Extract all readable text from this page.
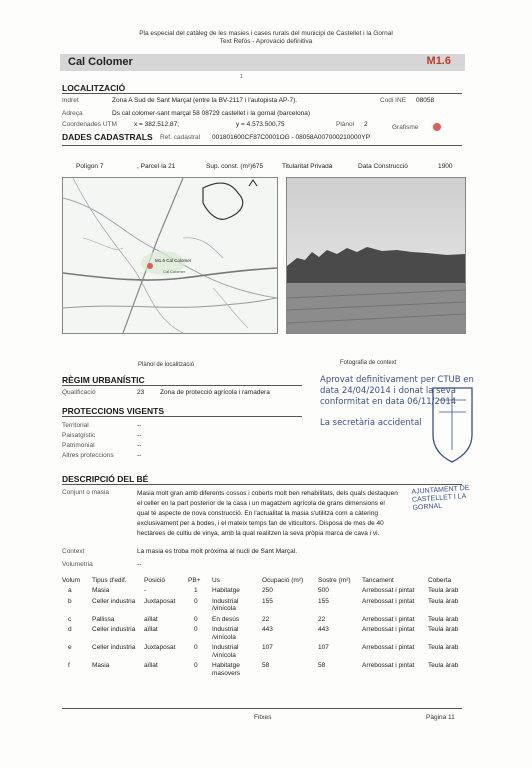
Pla especial del catàleg de les masies i cases rurals del municipi de Castellet i la Gornal
Text Refós - Aprovació definitiva
Cal Colomer	M1.6
1
LOCALITZACIÓ
Indret	Zona A Sud de Sant Marçal (entre la BV-2117 i l'autopista AP-7).	Codi INE 08058
Adreça	Ds cal colomer-sant marçal 58 08729 castellet i la gornal (barcelona)
Coordenades UTM	x = 382.512,87;	y = 4.573.500,75	Plànol 2	Grafisme
DADES CADASTRALS Ref. cadastral 001801600CF87C0001OG - 08058A007000210000YP
Polígon 7	, Parcel·la 21	Sup. const. (m²)675	Titularitat Privada	Data Construcció	1900
M1.6 Cal Colomer
Cal Colomer
Plànol de localització	Fotografia de context
RÈGIM URBANÍSTIC
Qualificació	23 Zona de protecció agrícola i ramadera
Aprovat definitivament per CTUB en
data 24/04/2014 i donat la seva
conformitat en data 06/11/2014
La secretària accidental
AJUNTAMENT DE CASTELLET I LA GORNAL
PROTECCIONS VIGENTS
Territorial	--
Paisatgístic	--
Patrimonial	--
Altres proteccions	--
DESCRIPCIÓ DEL BÉ
Conjunt o masia	Masia molt gran amb diferents cossos i coberts molt ben rehabilitats, dels quals destaquen
el celler en la part posterior de la casa i un magatzem agrícola de grans dimensions el
qual té aspecte de nova construcció. En l'actualitat la masia s'utilitza com a càtering
exclusivament per a bodes, i el mateix temps fan de viticultors. Disposa de mes de 40
hectàrees de cultiu de vinya, amb la qual realitzen la seva pròpia marca de cava i vi.
Context	La masia es troba molt pròxima al nucli de Sant Marçal.
Volumetria	--
Volum	Tipus d'edif.	Posició	PB+	Us	Ocupació (m²)	Sostre (m²)	Tancament	Coberta
a	Masia	-	1	Habitatge	250	500	Arrebossat i pintat	Teula àrab
b	Celler industria	Juxtaposat	0	Industrial /vinícola	155	155	Arrebossat i pintat	Teula àrab
c	Pallissa	aïllat	0	En desús	22	22	Arrebossat i pintat	Teula àrab
d	Celler industria	aïllat	0	Industrial /vinícola	443	443	Arrebossat i pintat	Teula àrab
e	Celler industria	Juxtaposat	0	Industrial /vinícola	107	107	Arrebossat i pintat	Teula àrab
f	Masia	aïllat	0	Habitatge masovers	58	58	Arrebossat i pintat	Teula àrab
Fitxes	Pàgina 11
